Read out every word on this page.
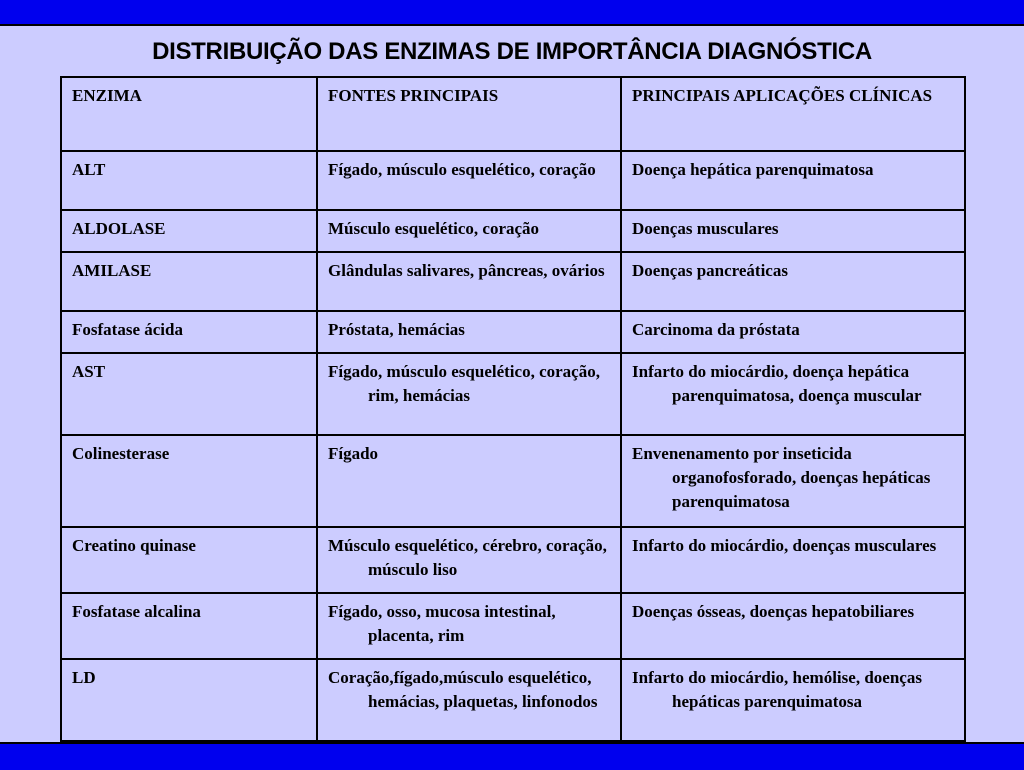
DISTRIBUIÇÃO DAS ENZIMAS DE IMPORTÂNCIA DIAGNÓSTICA
ENZIMA	FONTES PRINCIPAIS	PRINCIPAIS APLICAÇÕES CLÍNICAS

ALT	Fígado, músculo esquelético, coração	Doença hepática parenquimatosa

ALDOLASE	Músculo esquelético, coração	Doenças musculares

AMILASE	Glândulas salivares, pâncreas, ovários	Doenças pancreáticas

Fosfatase ácida	Próstata, hemácias	Carcinoma da próstata

AST	Fígado, músculo esquelético, coração, rim, hemácias	Infarto do miocárdio, doença hepática parenquimatosa, doença muscular

Colinesterase	Fígado	Envenenamento por inseticida organofosforado, doenças hepáticas parenquimatosa

Creatino quinase	Músculo esquelético, cérebro, coração, músculo liso	Infarto do miocárdio, doenças musculares

Fosfatase alcalina	Fígado, osso, mucosa intestinal, placenta, rim	Doenças ósseas, doenças hepatobiliares

LD	Coração,fígado,músculo esquelético, hemácias, plaquetas, linfonodos	Infarto do miocárdio, hemólise, doenças hepáticas parenquimatosa
